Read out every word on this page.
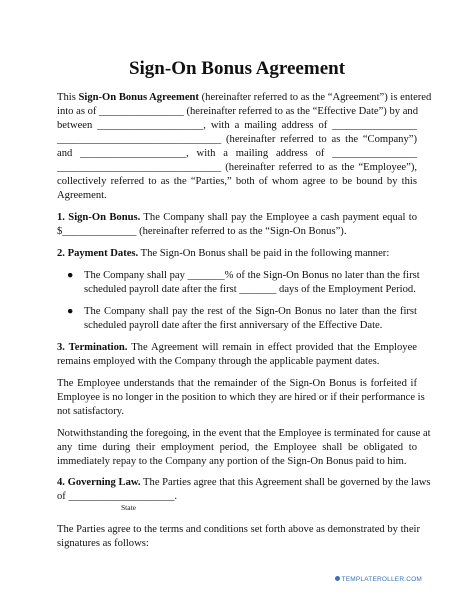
Sign-On Bonus Agreement
This Sign-On Bonus Agreement (hereinafter referred to as the “Agreement”) is entered
into as of ________________ (hereinafter referred to as the “Effective Date”) by and
between ____________________, with a mailing address of ________________
_______________________________ (hereinafter referred to as the “Company”)
and ____________________, with a mailing address of ________________
_______________________________ (hereinafter referred to as the “Employee”),
collectively referred to as the “Parties,” both of whom agree to be bound by this
Agreement.
1. Sign-On Bonus. The Company shall pay the Employee a cash payment equal to
$______________ (hereinafter referred to as the “Sign-On Bonus”).
2. Payment Dates. The Sign-On Bonus shall be paid in the following manner:
● The Company shall pay _______% of the Sign-On Bonus no later than the first
scheduled payroll date after the first _______ days of the Employment Period.
● The Company shall pay the rest of the Sign-On Bonus no later than the first
scheduled payroll date after the first anniversary of the Effective Date.
3. Termination. The Agreement will remain in effect provided that the Employee
remains employed with the Company through the applicable payment dates.
The Employee understands that the remainder of the Sign-On Bonus is forfeited if
Employee is no longer in the position to which they are hired or if their performance is
not satisfactory.
Notwithstanding the foregoing, in the event that the Employee is terminated for cause at
any time during their employment period, the Employee shall be obligated to
immediately repay to the Company any portion of the Sign-On Bonus paid to him.
4. Governing Law. The Parties agree that this Agreement shall be governed by the laws
of ____________________.
State
The Parties agree to the terms and conditions set forth above as demonstrated by their
signatures as follows:
TEMPLATEROLLER.COM
